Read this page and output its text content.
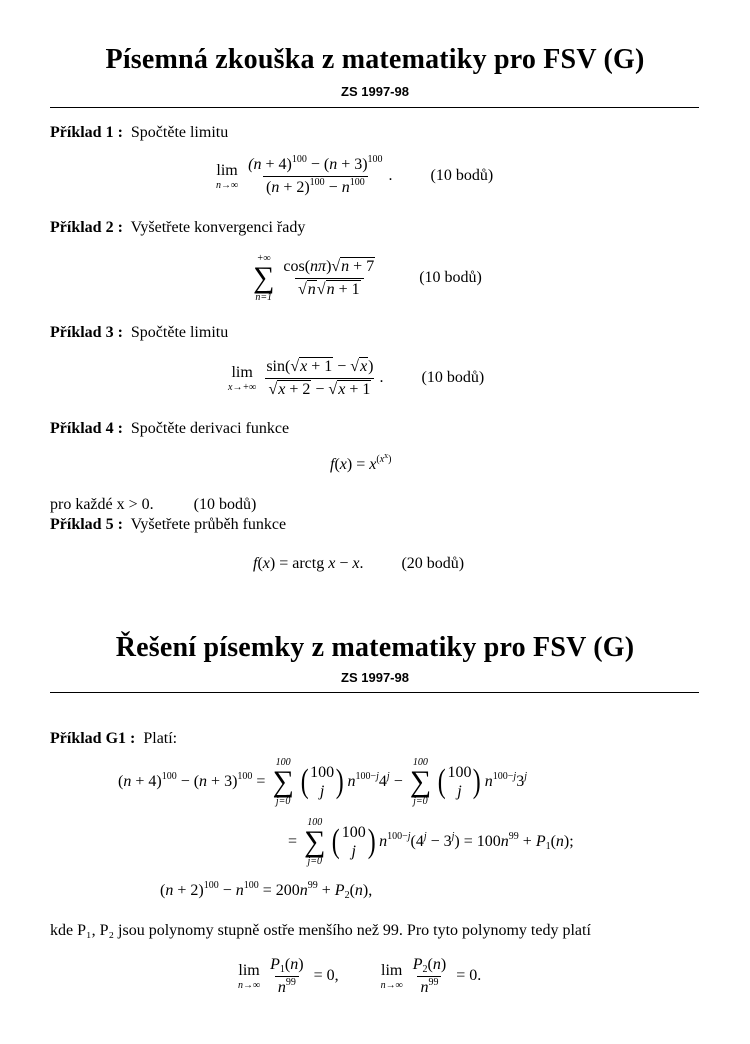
Písemná zkouška z matematiky pro FSV (G)
ZS 1997-98
Příklad 1 : Spočtěte limitu
lim
$n\to\infty \frac{(n + 4)^{100} - (n + 3)^{100}}{(n + 2)^{100} - n^{100}}$ . (10 bodů)
Příklad 2 : Vyšetřete konvergenci řady
+∞
∑
$n=1 \frac{\cos(n\pi)√n + 7}{√n√n + 1}$	(10 bodů)
Příklad 3 : Spočtěte limitu
lim
$x\to+\infty \frac{\sin(√x + 1 - √x)}{√x + 2 - √x + 1}$ . (10 bodů)
Příklad 4 : Spočtěte derivaci funkce
$f(x) = x^{(x^x)}$
pro každé x > 0.	(10 bodů)
Příklad 5 : Vyšetřete průběh funkce
f(x) = arctg x − x. (20 bodů)
Řešení písemky z matematiky pro FSV (G)
ZS 1997-98
Příklad G1 : Platí:
$(n + 4)^{100} - (n + 3)^{100}$ =
100
∑
j=0
( 100
j ) $n^{100-j}4^j$ −
100
∑
j=0
( 100
j ) $n^{100-j}3^j$
=
100
∑
j=0
( 100
j ) $n^{100-j}(4^j - 3^j) = 100n^{99} + P_1(n)$;
$(n + 2)^{100} - n^{100} = 200n^{99} + P_2(n)$,
kde P₁, P₂ jsou polynomy stupně ostře menšího než 99. Pro tyto polynomy tedy platí
lim
$n\to\infty \frac{P_1(n)}{n^{99}} = 0$, lim
$n\to\infty \frac{P_2(n)}{n^{99}} = 0$.
